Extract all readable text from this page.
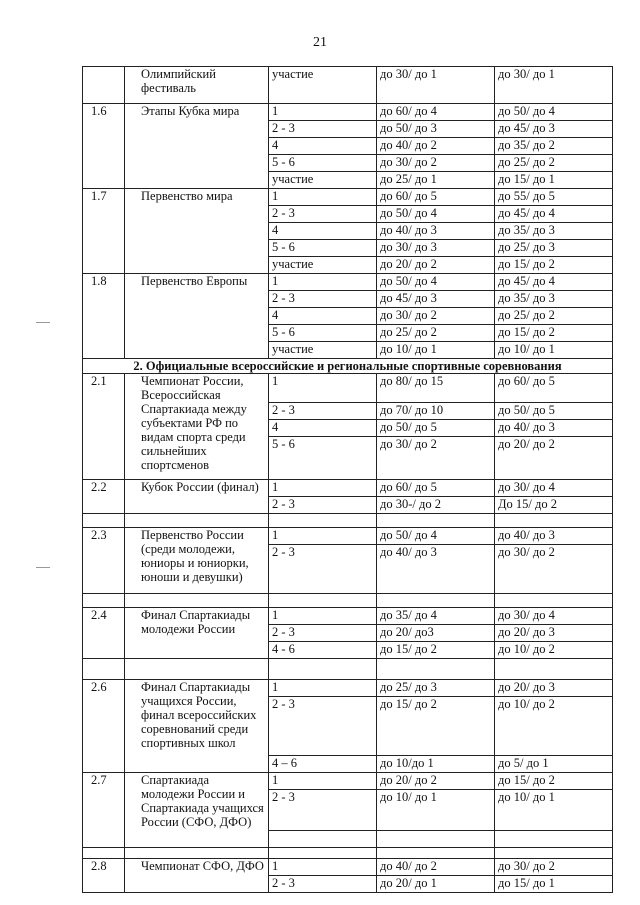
21
	Олимпийский фестиваль	участие	до 30/ до 1	до 30/ до 1
1.6	Этапы Кубка мира	1	до 60/ до 4	до 50/ до 4
		2 - 3	до 50/ до 3	до 45/ до 3
		4	до 40/ до 2	до 35/ до 2
		5 - 6	до 30/ до 2	до 25/ до 2
		участие	до 25/ до 1	до 15/ до 1
1.7	Первенство мира	1	до 60/ до 5	до 55/ до 5
		2 - 3	до 50/ до 4	до 45/ до 4
		4	до 40/ до 3	до 35/ до 3
		5 - 6	до 30/ до 3	до 25/ до 3
		участие	до 20/ до 2	до 15/ до 2
1.8	Первенство Европы	1	до 50/ до 4	до 45/ до 4
		2 - 3	до 45/ до 3	до 35/ до 3
		4	до 30/ до 2	до 25/ до 2
		5 - 6	до 25/ до 2	до 15/ до 2
		участие	до 10/ до 1	до 10/ до 1
2. Официальные всероссийские и региональные спортивные соревнования				
2.1	Чемпионат России, Всероссийская Спартакиада между субъектами РФ по видам спорта среди сильнейших спортсменов	1	до 80/ до 15	до 60/ до 5
		2 - 3	до 70/ до 10	до 50/ до 5
		4	до 50/ до 5	до 40/ до 3
		5 - 6	до 30/ до 2	до 20/ до 2
2.2	Кубок России (финал)	1	до 60/ до 5	до 30/ до 4
		2 - 3	до 30-/ до 2	До 15/ до 2

2.3	Первенство России (среди молодежи, юниоры и юниорки, юноши и девушки)	1	до 50/ до 4	до 40/ до 3
		2 - 3	до 40/ до 3	до 30/ до 2

2.4	Финал Спартакиады молодежи России	1	до 35/ до 4	до 30/ до 4
		2 - 3	до 20/ до3	до 20/ до 3
		4 - 6	до 15/ до 2	до 10/ до 2

2.6	Финал Спартакиады учащихся России, финал всероссийских соревнований среди спортивных школ	1	до 25/ до 3	до 20/ до 3
		2 - 3	до 15/ до 2	до 10/ до 2
		4 – 6	до 10/до 1	до 5/ до 1
2.7	Спартакиада молодежи России и Спартакиада учащихся России (СФО, ДФО)	1	до 20/ до 2	до 15/ до 2
		2 - 3	до 10/ до 1	до 10/ до 1

2.8	Чемпионат СФО, ДФО	1	до 40/ до 2	до 30/ до 2
		2 - 3	до 20/ до 1	до 15/ до 1
